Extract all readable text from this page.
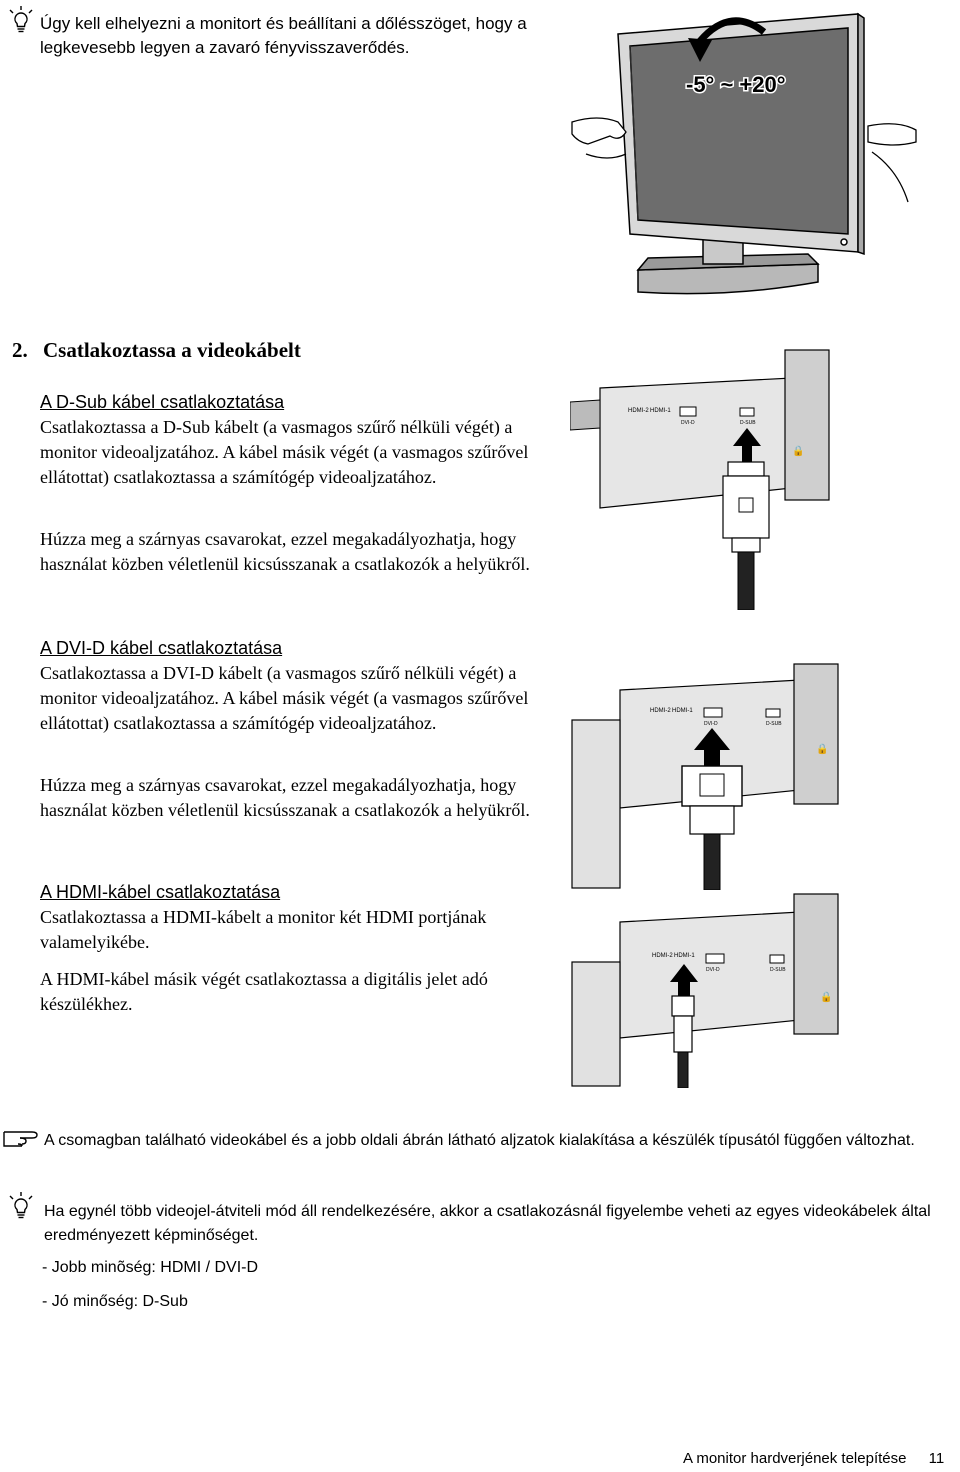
Úgy kell elhelyezni a monitort és beállítani a dőlésszöget, hogy a legkevesebb legyen a zavaró fényvisszaverődés.
-5° ~ +20°
2. Csatlakoztassa a videokábelt
A D-Sub kábel csatlakoztatása

Csatlakoztassa a D-Sub kábelt (a vasmagos szűrő nélküli végét) a monitor videoaljzatához. A kábel másik végét (a vasmagos szűrővel ellátottat) csatlakoztassa a számítógép videoaljzatához.

Húzza meg a szárnyas csavarokat, ezzel megakadályozhatja, hogy használat közben véletlenül kicsússzanak a csatlakozók a helyükről.

HDMI-2 HDMI-1
DVI-D	D-SUB
🔒
A DVI-D kábel csatlakoztatása

Csatlakoztassa a DVI-D kábelt (a vasmagos szűrő nélküli végét) a monitor videoaljzatához. A kábel másik végét (a vasmagos szűrővel ellátottat) csatlakoztassa a számítógép videoaljzatához.

Húzza meg a szárnyas csavarokat, ezzel megakadályozhatja, hogy használat közben véletlenül kicsússzanak a csatlakozók a helyükről.

HDMI-2 HDMI-1
DVI-D	D-SUB
🔒
A HDMI-kábel csatlakoztatása

Csatlakoztassa a HDMI-kábelt a monitor két HDMI portjának valamelyikébe.

A HDMI-kábel másik végét csatlakoztassa a digitális jelet adó készülékhez.

HDMI-2 HDMI-1
DVI-D	D-SUB
🔒
A csomagban található videokábel és a jobb oldali ábrán látható aljzatok kialakítása a készülék típusától függően változhat.
Ha egynél több videojel-átviteli mód áll rendelkezésére, akkor a csatlakozásnál figyelembe veheti az egyes videokábelek által eredményezett képminőséget.
- Jobb minõség: HDMI / DVI-D
- Jó minőség: D-Sub
A monitor hardverjének telepítése 11
